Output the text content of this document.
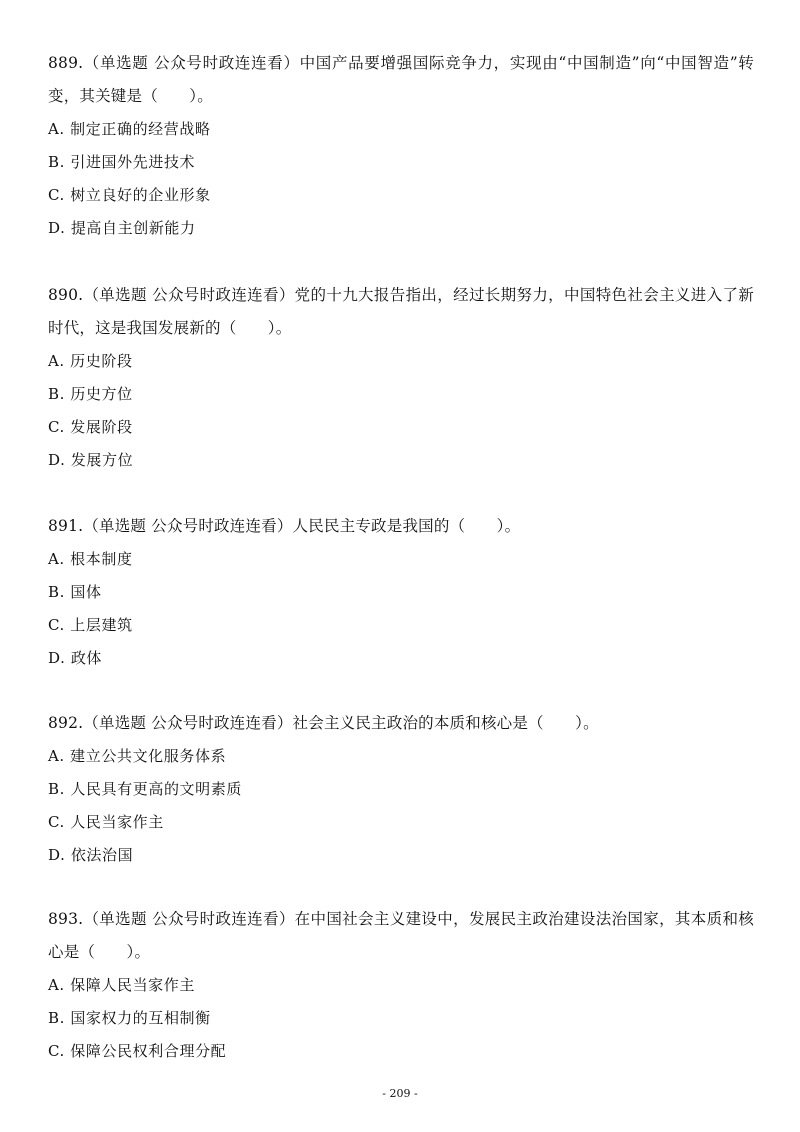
889.（单选题 公众号时政连连看）中国产品要增强国际竞争力，实现由“中国制造”向“中国智造”转变，其关键是（　　）。

A. 制定正确的经营战略

B. 引进国外先进技术

C. 树立良好的企业形象

D. 提高自主创新能力

890.（单选题 公众号时政连连看）党的十九大报告指出，经过长期努力，中国特色社会主义进入了新时代，这是我国发展新的（　　）。

A. 历史阶段

B. 历史方位

C. 发展阶段

D. 发展方位

891.（单选题 公众号时政连连看）人民民主专政是我国的（　　）。

A. 根本制度

B. 国体

C. 上层建筑

D. 政体

892.（单选题 公众号时政连连看）社会主义民主政治的本质和核心是（　　）。

A. 建立公共文化服务体系

B. 人民具有更高的文明素质

C. 人民当家作主

D. 依法治国

893.（单选题 公众号时政连连看）在中国社会主义建设中，发展民主政治建设法治国家，其本质和核心是（　　）。

A. 保障人民当家作主

B. 国家权力的互相制衡

C. 保障公民权利合理分配

- 209 -
